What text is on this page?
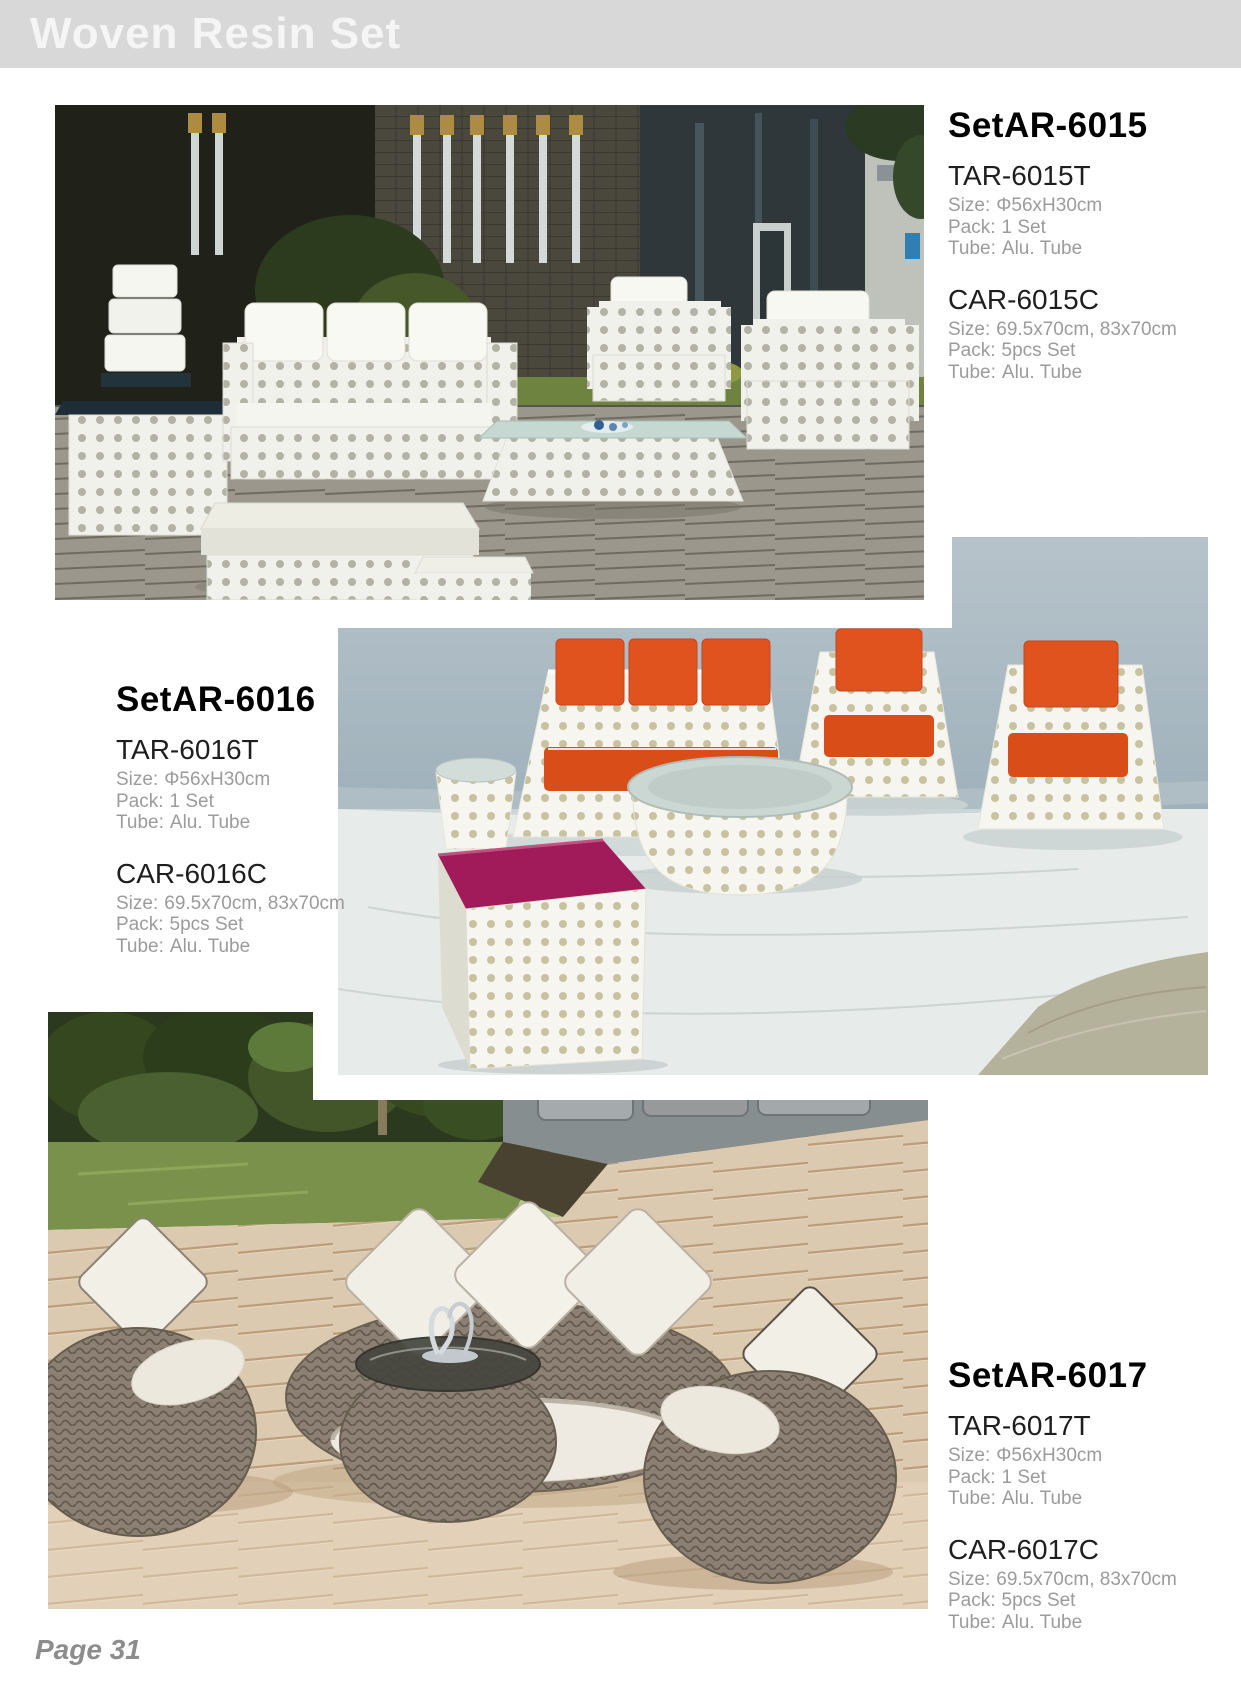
Woven Resin Set
SetAR-6015
TAR-6015T
Size: Φ56xH30cm
Pack: 1 Set
Tube: Alu. Tube
CAR-6015C
Size: 69.5x70cm, 83x70cm
Pack: 5pcs Set
Tube: Alu. Tube
SetAR-6016
TAR-6016T
Size: Φ56xH30cm
Pack: 1 Set
Tube: Alu. Tube
CAR-6016C
Size: 69.5x70cm, 83x70cm
Pack: 5pcs Set
Tube: Alu. Tube
SetAR-6017
TAR-6017T
Size: Φ56xH30cm
Pack: 1 Set
Tube: Alu. Tube
CAR-6017C
Size: 69.5x70cm, 83x70cm
Pack: 5pcs Set
Tube: Alu. Tube
Page 31
